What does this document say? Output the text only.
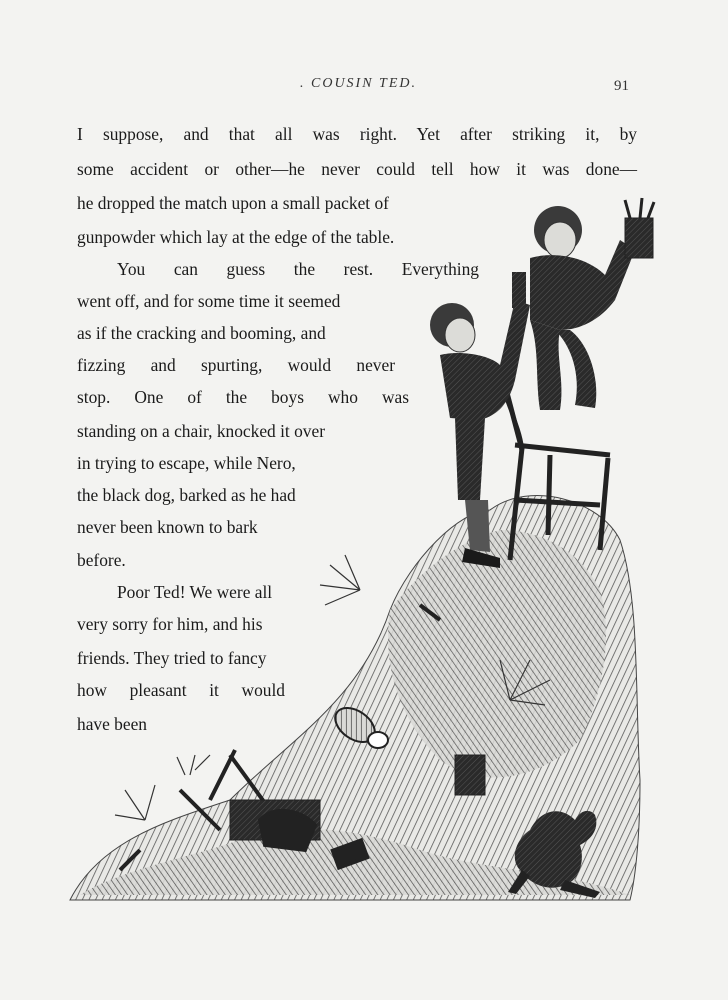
. COUSIN TED.	91
I suppose, and that all was right. Yet after striking it, by
some accident or other—he never could tell how it was done—
he dropped the match upon a small packet of
gunpowder which lay at the edge of the table.
You can guess the rest. Everything
went off, and for some time it seemed
as if the cracking and booming, and
fizzing and spurting, would never
stop. One of the boys who was
standing on a chair, knocked it over
in trying to escape, while Nero,
the black dog, barked as he had
never been known to bark
before.
Poor Ted! We were all
very sorry for him, and his
friends. They tried to fancy
how pleasant it would
have been
